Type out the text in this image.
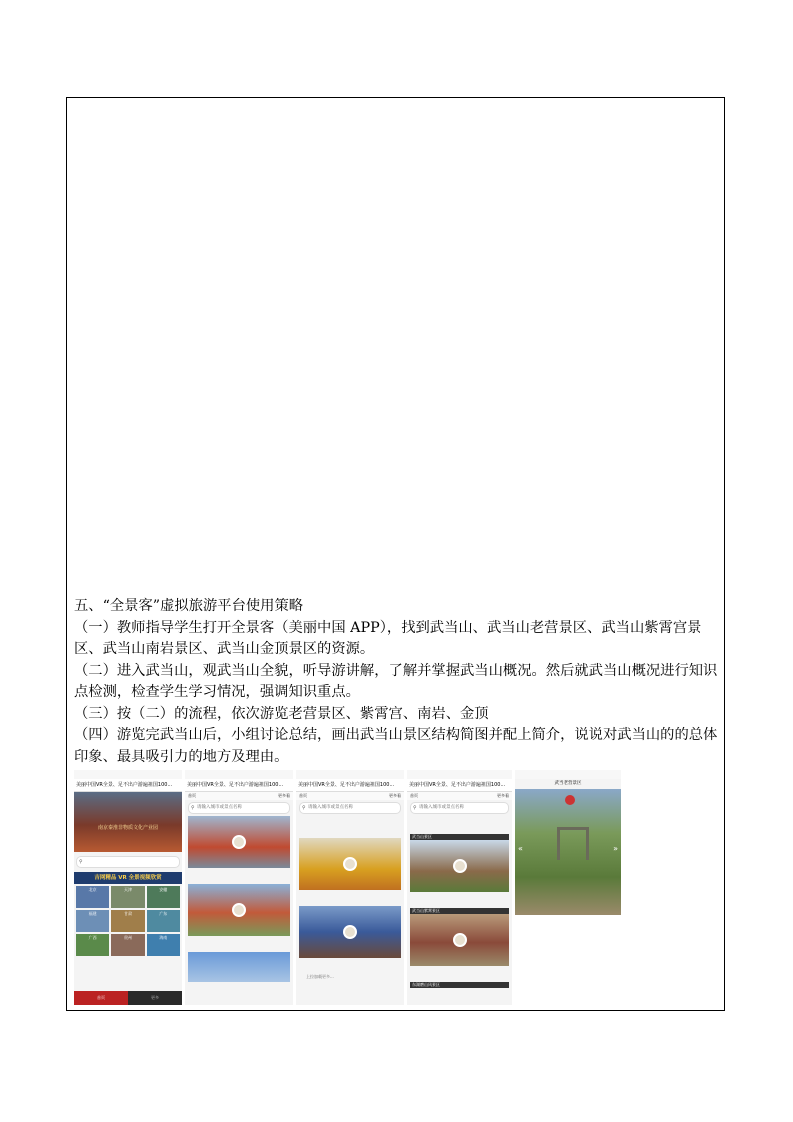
五、“全景客”虚拟旅游平台使用策略

（一）教师指导学生打开全景客（美丽中国 APP），找到武当山、武当山老营景区、武当山紫霄宫景区、武当山南岩景区、武当山金顶景区的资源。

（二）进入武当山，观武当山全貌，听导游讲解，了解并掌握武当山概况。然后就武当山概况进行知识点检测，检查学生学习情况，强调知识重点。

（三）按（二）的流程，依次游览老营景区、紫霄宫、南岩、金顶

（四）游览完武当山后，小组讨论总结，画出武当山景区结构简图并配上简介，说说对武当山的的总体印象、最具吸引力的地方及理由。

美丽中国VR全景、足不出户游遍祖国100...
南京秦淮非物质文化产业园
⚲
吉网精品 VR 全景视频欣赏
北京	天津	安徽
福建	甘肃	广东
广西	贵州	海南
首页	更多
美丽中国VR全景、足不出户游遍祖国100...
首页	更多看
⚲ 请输入城市或景点名称
美丽中国VR全景、足不出户游遍祖国100...
首页	更多看
⚲ 请输入城市或景点名称
上拉加载更多...
美丽中国VR全景、足不出户游遍祖国100...
首页	更多看
⚲ 请输入城市或景点名称
武当山景区
武当山紫霄景区
东湖磨山风景区
武当老营景区
«	»
